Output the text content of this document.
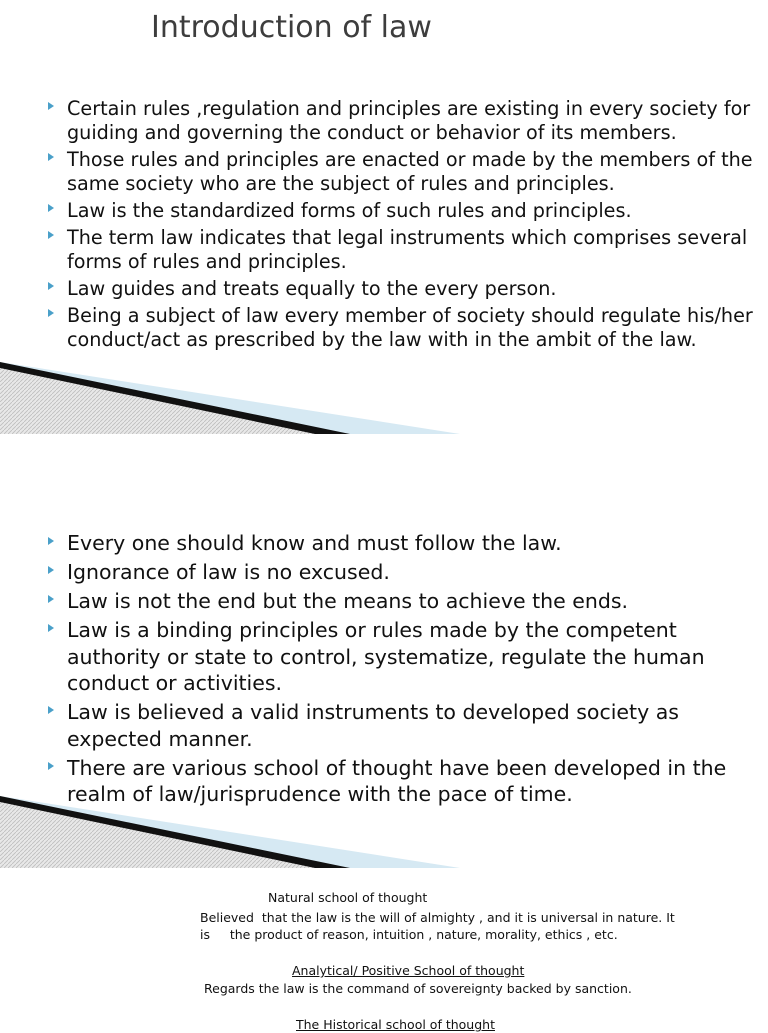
Introduction of law
Certain rules ,regulation and principles are existing in every society for guiding and governing the conduct or behavior of its members.
Those rules and principles are enacted or made by the members of the same society who are the subject of rules and principles.
Law is the standardized forms of such rules and principles.
The term law indicates that legal instruments which comprises several forms of rules and principles.
Law guides and treats equally to the every person.
Being a subject of law every member of society should regulate his/her conduct/act as prescribed by the law with in the ambit of the law.
Every one should know and must follow the law.
Ignorance of law is no excused.
Law is not the end but the means to achieve the ends.
Law is a binding principles or rules made by the competent authority or state to control, systematize, regulate the human conduct or activities.
Law is believed a valid instruments to developed society as expected manner.
There are various school of thought have been developed in the realm of law/jurisprudence with the pace of time.
Natural school of thought
Believed  that the law is the will of almighty , and it is universal in nature. It
is     the product of reason, intuition , nature, morality, ethics , etc.
Analytical/ Positive School of thought
Regards the law is the command of sovereignty backed by sanction.
The Historical school of thought
